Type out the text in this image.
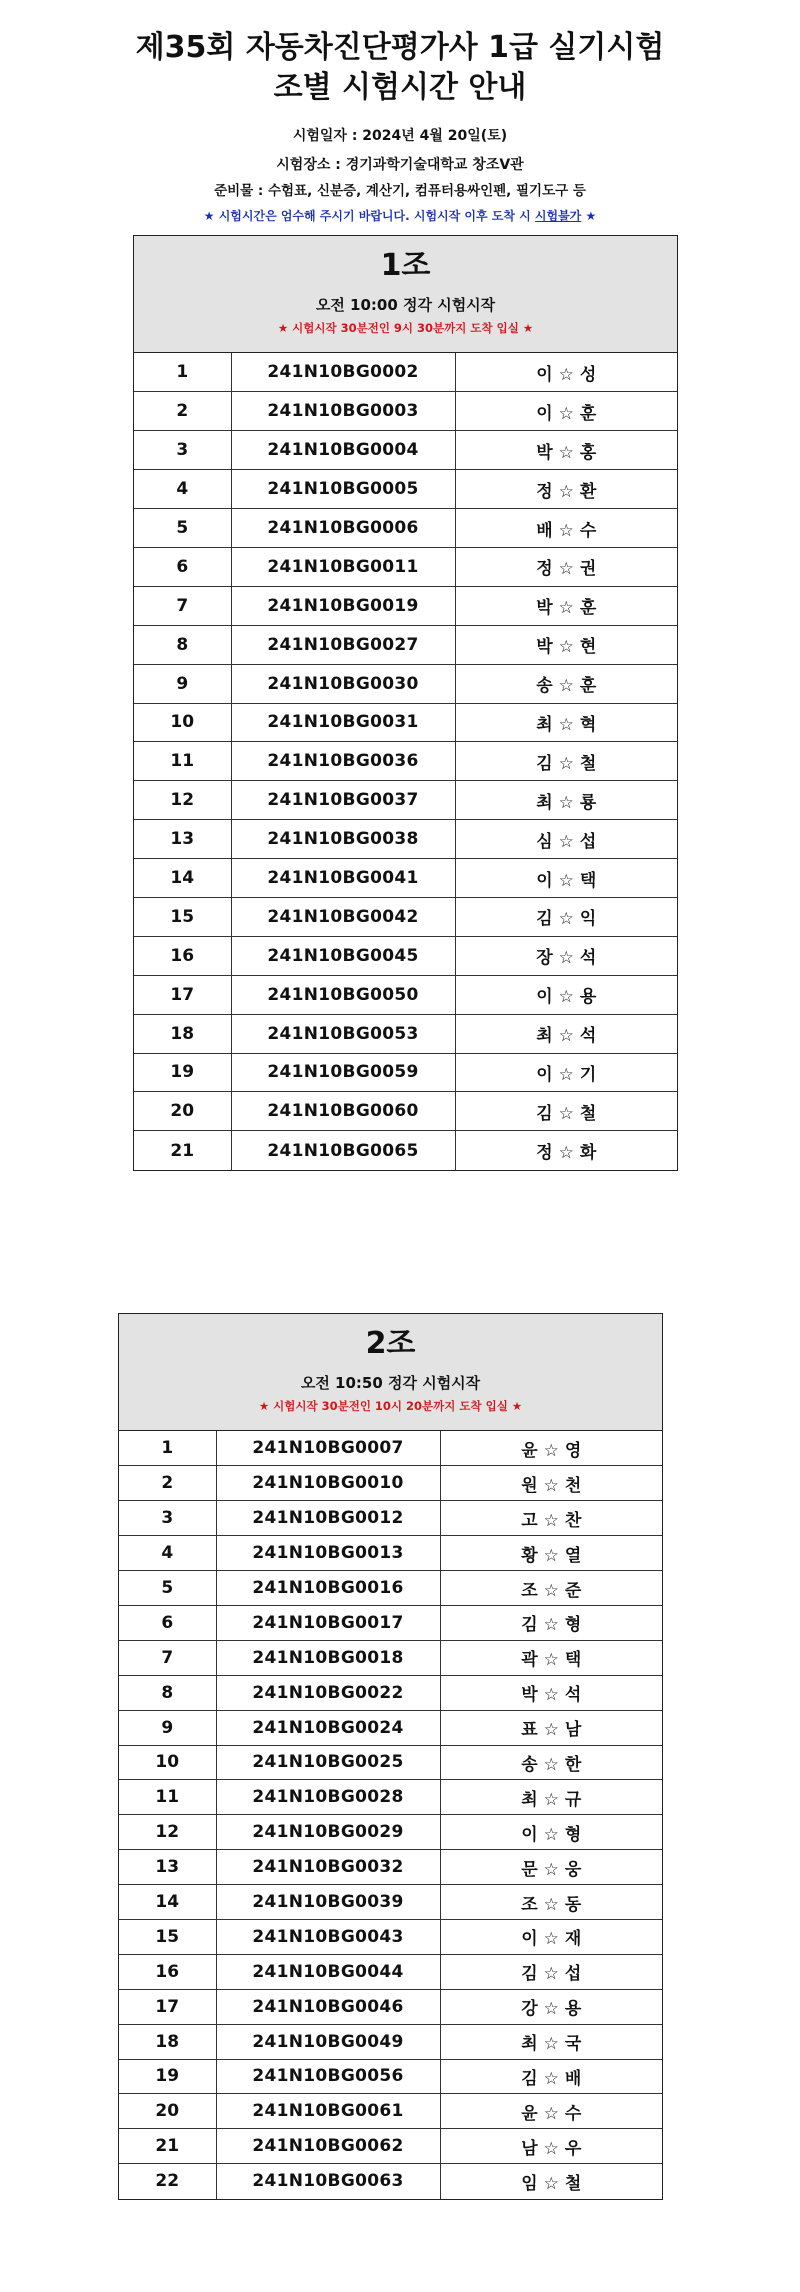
제35회 자동차진단평가사 1급 실기시험
조별 시험시간 안내
시험일자 : 2024년 4월 20일(토)
시험장소 : 경기과학기술대학교 창조V관
준비물 : 수험표, 신분증, 계산기, 컴퓨터용싸인펜, 필기도구 등
★ 시험시간은 엄수해 주시기 바랍니다. 시험시작 이후 도착 시 시험불가 ★
1조
오전 10:00 정각 시험시작
★ 시험시작 30분전인 9시 30분까지 도착 입실 ★
1	241N10BG0002	이 ☆ 성
2	241N10BG0003	이 ☆ 훈
3	241N10BG0004	박 ☆ 홍
4	241N10BG0005	정 ☆ 환
5	241N10BG0006	배 ☆ 수
6	241N10BG0011	정 ☆ 권
7	241N10BG0019	박 ☆ 훈
8	241N10BG0027	박 ☆ 현
9	241N10BG0030	송 ☆ 훈
10	241N10BG0031	최 ☆ 혁
11	241N10BG0036	김 ☆ 철
12	241N10BG0037	최 ☆ 룡
13	241N10BG0038	심 ☆ 섭
14	241N10BG0041	이 ☆ 택
15	241N10BG0042	김 ☆ 익
16	241N10BG0045	장 ☆ 석
17	241N10BG0050	이 ☆ 용
18	241N10BG0053	최 ☆ 석
19	241N10BG0059	이 ☆ 기
20	241N10BG0060	김 ☆ 철
21	241N10BG0065	정 ☆ 화
2조
오전 10:50 정각 시험시작
★ 시험시작 30분전인 10시 20분까지 도착 입실 ★
1	241N10BG0007	윤 ☆ 영
2	241N10BG0010	원 ☆ 천
3	241N10BG0012	고 ☆ 찬
4	241N10BG0013	황 ☆ 열
5	241N10BG0016	조 ☆ 준
6	241N10BG0017	김 ☆ 형
7	241N10BG0018	곽 ☆ 택
8	241N10BG0022	박 ☆ 석
9	241N10BG0024	표 ☆ 남
10	241N10BG0025	송 ☆ 한
11	241N10BG0028	최 ☆ 규
12	241N10BG0029	이 ☆ 형
13	241N10BG0032	문 ☆ 웅
14	241N10BG0039	조 ☆ 동
15	241N10BG0043	이 ☆ 재
16	241N10BG0044	김 ☆ 섭
17	241N10BG0046	강 ☆ 용
18	241N10BG0049	최 ☆ 국
19	241N10BG0056	김 ☆ 배
20	241N10BG0061	윤 ☆ 수
21	241N10BG0062	남 ☆ 우
22	241N10BG0063	임 ☆ 철
